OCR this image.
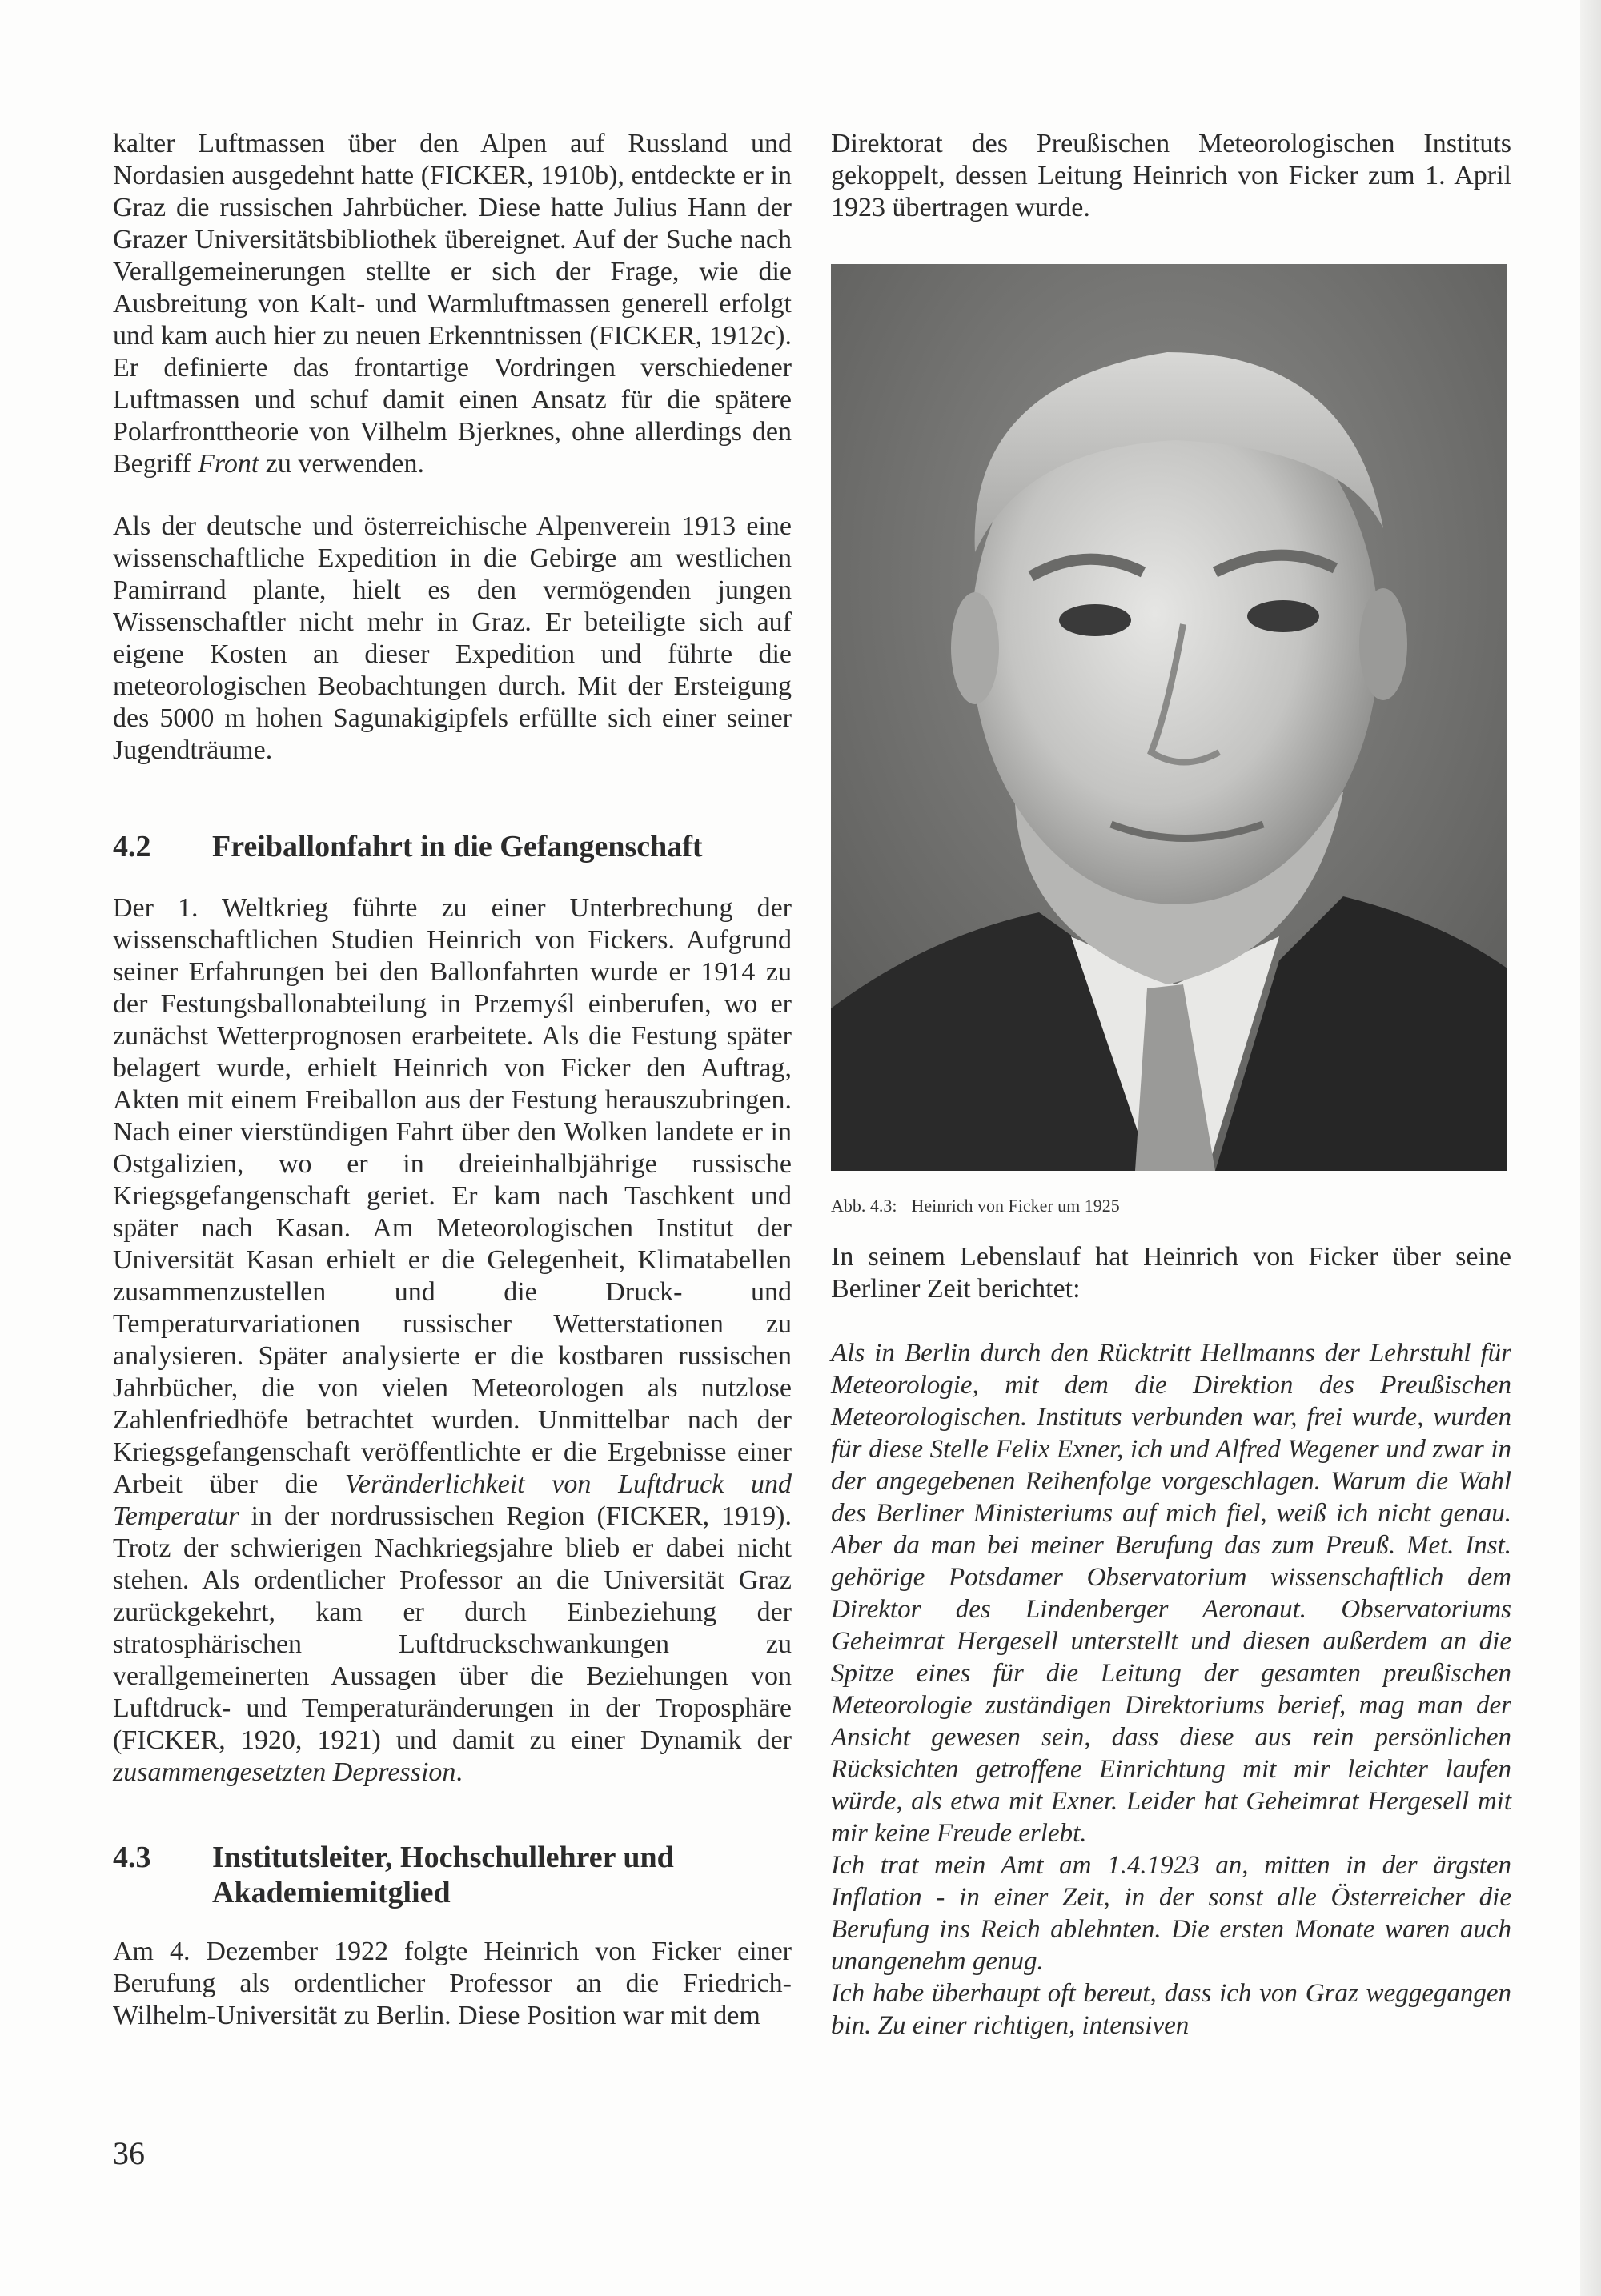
kalter Luftmassen über den Alpen auf Russland und Nordasien ausgedehnt hatte (FICKER, 1910b), entdeckte er in Graz die russischen Jahrbücher. Diese hatte Julius Hann der Grazer Universitätsbibliothek übereignet. Auf der Suche nach Verallgemeinerungen stellte er sich der Frage, wie die Ausbreitung von Kalt- und Warmluftmassen generell erfolgt und kam auch hier zu neuen Erkenntnissen (FICKER, 1912c). Er definierte das frontartige Vordringen verschiedener Luftmassen und schuf damit einen Ansatz für die spätere Polarfronttheorie von Vilhelm Bjerknes, ohne allerdings den Begriff Front zu verwenden.

Als der deutsche und österreichische Alpenverein 1913 eine wissenschaftliche Expedition in die Gebirge am westlichen Pamirrand plante, hielt es den vermögenden jungen Wissenschaftler nicht mehr in Graz. Er beteiligte sich auf eigene Kosten an dieser Expedition und führte die meteorologischen Beobachtungen durch. Mit der Ersteigung des 5000 m hohen Sagunakigipfels erfüllte sich einer seiner Jugendträume.

4.2	Freiballonfahrt in die Gefangenschaft

Der 1. Weltkrieg führte zu einer Unterbrechung der wissenschaftlichen Studien Heinrich von Fickers. Aufgrund seiner Erfahrungen bei den Ballonfahrten wurde er 1914 zu der Festungsballonabteilung in Przemyśl einberufen, wo er zunächst Wetterprognosen erarbeitete. Als die Festung später belagert wurde, erhielt Heinrich von Ficker den Auftrag, Akten mit einem Freiballon aus der Festung herauszubringen. Nach einer vierstündigen Fahrt über den Wolken landete er in Ostgalizien, wo er in dreieinhalbjährige russische Kriegsgefangenschaft geriet. Er kam nach Taschkent und später nach Kasan. Am Meteorologischen Institut der Universität Kasan erhielt er die Gelegenheit, Klimatabellen zusammenzustellen und die Druck- und Temperaturvariationen russischer Wetterstationen zu analysieren. Später analysierte er die kostbaren russischen Jahrbücher, die von vielen Meteorologen als nutzlose Zahlenfriedhöfe betrachtet wurden. Unmittelbar nach der Kriegsgefangenschaft veröffentlichte er die Ergebnisse einer Arbeit über die Veränderlichkeit von Luftdruck und Temperatur in der nordrussischen Region (FICKER, 1919). Trotz der schwierigen Nachkriegsjahre blieb er dabei nicht stehen. Als ordentlicher Professor an die Universität Graz zurückgekehrt, kam er durch Einbeziehung der stratosphärischen Luftdruckschwankungen zu verallgemeinerten Aussagen über die Beziehungen von Luftdruck- und Temperaturänderungen in der Troposphäre (FICKER, 1920, 1921) und damit zu einer Dynamik der zusammengesetzten Depression.

4.3	Institutsleiter, Hochschullehrer und Akademiemitglied

Am 4. Dezember 1922 folgte Heinrich von Ficker einer Berufung als ordentlicher Professor an die Friedrich-Wilhelm-Universität zu Berlin. Diese Position war mit dem

Direktorat des Preußischen Meteorologischen Instituts gekoppelt, dessen Leitung Heinrich von Ficker zum 1. April 1923 übertragen wurde.

Abb. 4.3: Heinrich von Ficker um 1925

In seinem Lebenslauf hat Heinrich von Ficker über seine Berliner Zeit berichtet:

Als in Berlin durch den Rücktritt Hellmanns der Lehrstuhl für Meteorologie, mit dem die Direktion des Preußischen Meteorologischen. Instituts verbunden war, frei wurde, wurden für diese Stelle Felix Exner, ich und Alfred Wegener und zwar in der angegebenen Reihenfolge vorgeschlagen. Warum die Wahl des Berliner Ministeriums auf mich fiel, weiß ich nicht genau. Aber da man bei meiner Berufung das zum Preuß. Met. Inst. gehörige Potsdamer Observatorium wissenschaftlich dem Direktor des Lindenberger Aeronaut. Observatoriums Geheimrat Hergesell unterstellt und diesen außerdem an die Spitze eines für die Leitung der gesamten preußischen Meteorologie zuständigen Direktoriums berief, mag man der Ansicht gewesen sein, dass diese aus rein persönlichen Rücksichten getroffene Einrichtung mit mir leichter laufen würde, als etwa mit Exner. Leider hat Geheimrat Hergesell mit mir keine Freude erlebt.

Ich trat mein Amt am 1.4.1923 an, mitten in der ärgsten Inflation - in einer Zeit, in der sonst alle Österreicher die Berufung ins Reich ablehnten. Die ersten Monate waren auch unangenehm genug.

Ich habe überhaupt oft bereut, dass ich von Graz weggegangen bin. Zu einer richtigen, intensiven

36
